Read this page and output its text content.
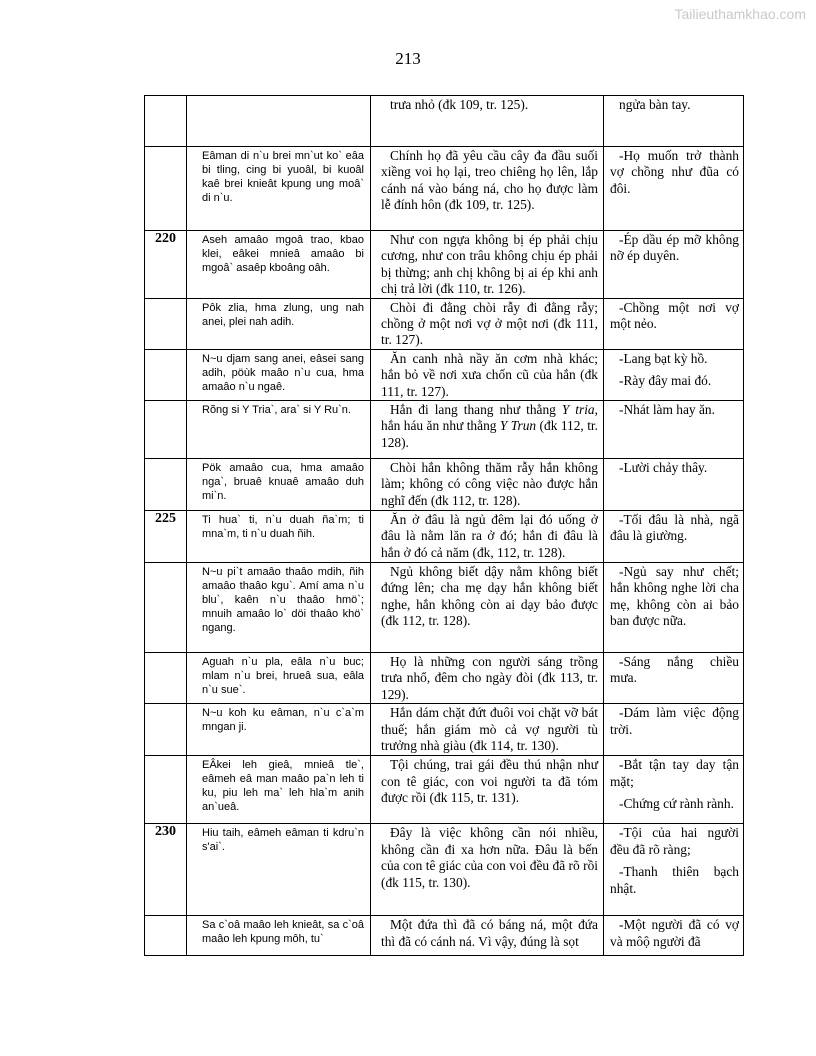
Tailieuthamkhao.com
213
		trưa nhỏ (đk 109, tr. 125).	ngửa bàn tay.

	Eâman di n`u brei mn`ut ko` eâa bi tling, cing bi yuoâl, bi kuoâl kaê brei knieât kpung ung moâ` di n`u.	Chính họ đã yêu cầu cây đa đầu suối xiềng voi họ lại, treo chiêng họ lên, lắp cánh ná vào báng ná, cho họ được làm lễ đính hôn (đk 109, tr. 125).	-Họ muốn trở thành vợ chồng như đũa có đôi.

220	Aseh amaâo mgoâ trao, kbao klei, eâkei mnieâ amaâo bi mgoâ` asaêp kboâng oâh.	Như con ngựa không bị ép phải chịu cương, như con trâu không chịu ép phải bị thừng; anh chị không bị ai ép khi anh chị trả lời (đk 110, tr. 126).	-Ép dầu ép mỡ không nỡ ép duyên.

	Pôk zlia, hma zlung, ung nah anei, plei nah adih.	Chòi đi đằng chòi rẫy đi đằng rẫy; chồng ở một nơi vợ ở một nơi (đk 111, tr. 127).	-Chồng một nơi vợ một nẻo.

	N~u djam sang anei, eâsei sang adih, pöùk maâo n`u cua, hma amaâo n`u ngaê.	Ăn canh nhà nầy ăn cơm nhà khác; hắn bỏ về nơi xưa chốn cũ của hắn (đk 111, tr. 127).	-Lang bạt kỳ hồ.
-Rày đây mai đó.

	Rõng si Y Tria`, ara` si Y Ru`n.	Hắn đi lang thang như thằng Y tria, hắn háu ăn như thằng Y Trun (đk 112, tr. 128).	-Nhát làm hay ăn.

	Pök amaâo cua, hma amaâo nga`, bruaê knuaê amaâo duh mi`n.	Chòi hắn không thăm rẫy hắn không làm; không có công việc nào được hắn nghĩ đến (đk 112, tr. 128).	-Lười chảy thây.

225	Ti hua` ti, n`u duah ña`m; ti mna`m, ti n`u duah ñih.	Ăn ở đâu là ngủ đêm lại đó uống ở đâu là nằm lăn ra ở đó; hắn đi đâu là hắn ở đó cả năm (đk, 112, tr. 128).	-Tối đâu là nhà, ngã đâu là giường.

	N~u pi`t amaâo thaâo mdih, ñih amaâo thaâo kgu`. Amí ama n`u blu`, kaên n`u thaâo hmö`; mnuih amaâo lo` döi thaâo khö` ngang.	Ngủ không biết dậy nằm không biết đứng lên; cha mẹ dạy hắn không biết nghe, hắn không còn ai dạy bảo được (đk 112, tr. 128).	-Ngủ say như chết; hắn không nghe lời cha mẹ, không còn ai bảo ban được nữa.

	Aguah n`u pla, eâla n`u buc; mlam n`u brei, hrueâ sua, eâla n`u sue`.	Họ là những con người sáng trồng trưa nhổ, đêm cho ngày đòi (đk 113, tr. 129).	-Sáng nắng chiều mưa.

	N~u koh ku eâman, n`u c`a`m mngan ji.	Hắn dám chặt đứt đuôi voi chặt vỡ bát thuế; hắn giám mò cả vợ người tù trưởng nhà giàu (đk 114, tr. 130).	-Dám làm việc động trời.

	EÂkei leh gieâ, mnieâ tle`, eâmeh eâ man maâo pa`n leh ti ku, piu leh ma` leh hla`m anih an`ueâ.	Tội chúng, trai gái đều thú nhận như con tê giác, con voi người ta đã tóm được rồi (đk 115, tr. 131).	-Bắt tận tay day tận mặt;
-Chứng cứ rành rành.

230	Hiu taih, eâmeh eâman ti kdru`n s'ai`.	Đây là việc không cần nói nhiều, không cần đi xa hơn nữa. Đâu là bến của con tê giác của con voi đều đã rõ rồi (đk 115, tr. 130).	-Tội của hai người đều đã rõ ràng;
-Thanh thiên bạch nhật.

	Sa c`oâ maâo leh knieât, sa c`oâ maâo leh kpung môh, tu`	Một đứa thì đã có báng ná, một đứa thì đã có cánh ná. Vì vậy, đúng là sọt	-Một người đã có vợ và môộ người đã
